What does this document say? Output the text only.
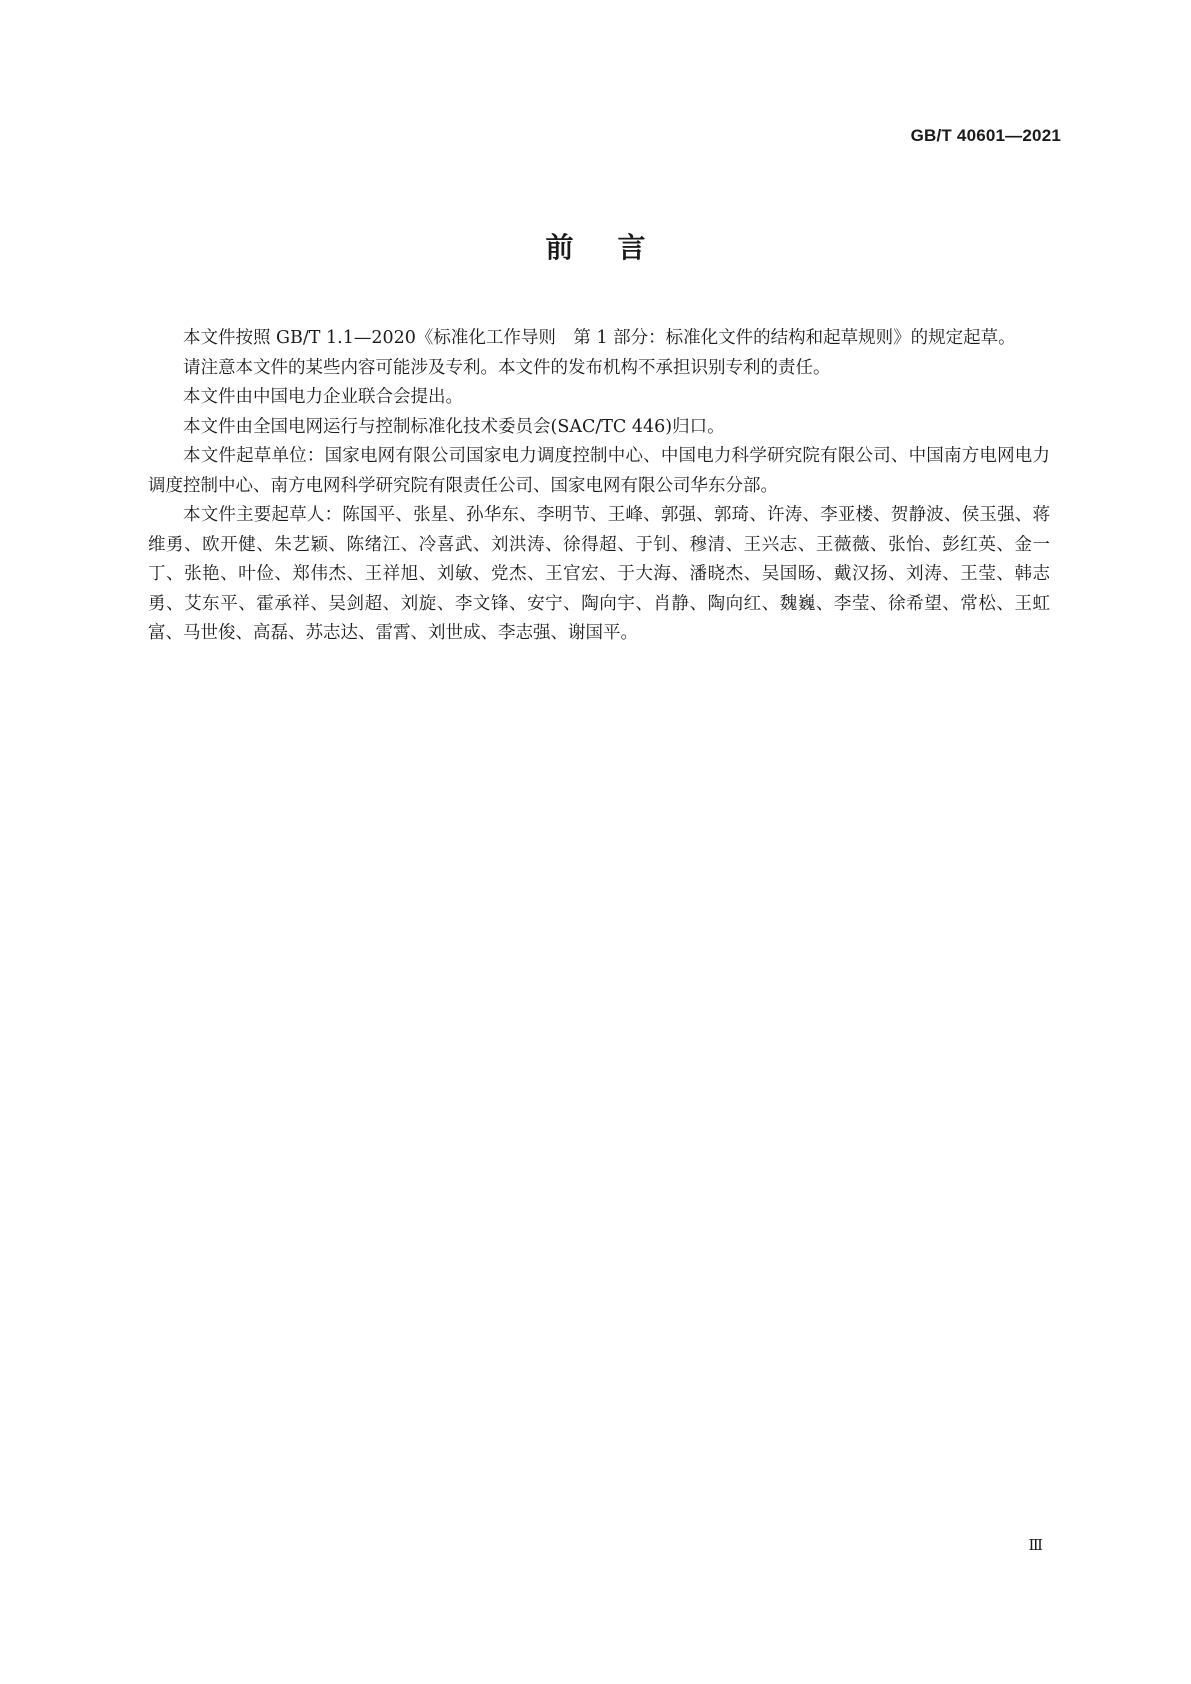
GB/T 40601—2021
前言

本文件按照 GB/T 1.1—2020《标准化工作导则　第 1 部分：标准化文件的结构和起草规则》的规定起草。

请注意本文件的某些内容可能涉及专利。本文件的发布机构不承担识别专利的责任。

本文件由中国电力企业联合会提出。

本文件由全国电网运行与控制标准化技术委员会(SAC/TC 446)归口。

本文件起草单位：国家电网有限公司国家电力调度控制中心、中国电力科学研究院有限公司、中国南方电网电力调度控制中心、南方电网科学研究院有限责任公司、国家电网有限公司华东分部。

本文件主要起草人：陈国平、张星、孙华东、李明节、王峰、郭强、郭琦、许涛、李亚楼、贺静波、侯玉强、蒋维勇、欧开健、朱艺颖、陈绪江、冷喜武、刘洪涛、徐得超、于钊、穆清、王兴志、王薇薇、张怡、彭红英、金一丁、张艳、叶俭、郑伟杰、王祥旭、刘敏、党杰、王官宏、于大海、潘晓杰、吴国旸、戴汉扬、刘涛、王莹、韩志勇、艾东平、霍承祥、吴剑超、刘旋、李文锋、安宁、陶向宇、肖静、陶向红、魏巍、李莹、徐希望、常松、王虹富、马世俊、高磊、苏志达、雷霄、刘世成、李志强、谢国平。

Ⅲ
